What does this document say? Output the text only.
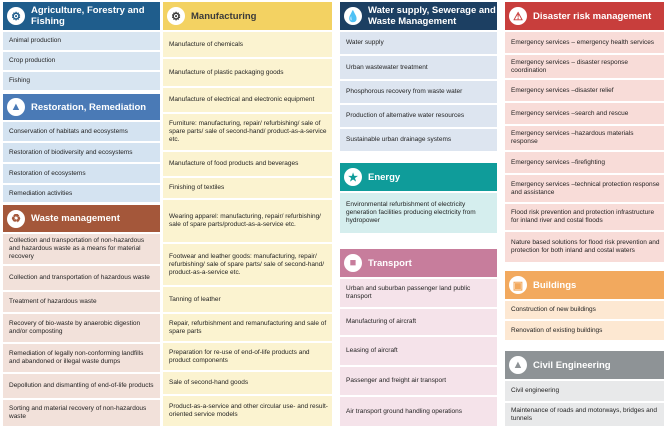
⚙	Agriculture, Forestry and Fishing
Animal production
Crop production
Fishing
▲	Restoration, Remediation
Conservation of habitats and ecosystems
Restoration of biodiversity and ecosystems
Restoration of ecosystems
Remediation activities
♻	Waste management
Collection and transportation of non-hazardous and hazardous waste as a means for material recovery
Collection and transportation of hazardous waste
Treatment of hazardous waste
Recovery of bio-waste by anaerobic digestion and/or composting
Remediation of legally non-conforming landfills and abandoned or illegal waste dumps
Depollution and dismantling of end-of-life products
Sorting and material recovery of non-hazardous waste
⚙	Manufacturing
Manufacture of chemicals
Manufacture of plastic packaging goods
Manufacture of electrical and electronic equipment
Furniture: manufacturing, repair/ refurbishing/ sale of spare parts/ sale of second-hand/ product-as-a-service etc.
Manufacture of food products and beverages
Finishing of textiles
Wearing apparel: manufacturing, repair/ refurbishing/ sale of spare parts/product-as-a-service etc.
Footwear and leather goods: manufacturing, repair/ refurbishing/ sale of spare parts/ sale of second-hand/ product-as-a-service etc.
Tanning of leather
Repair, refurbishment and remanufacturing and sale of spare parts
Preparation for re-use of end-of-life products and product components
Sale of second-hand goods
Product-as-a-service and other circular use- and result-oriented service models
💧 Water supply, Sewerage and Waste Management
Water supply
Urban wastewater treatment
Phosphorous recovery from waste water
Production of alternative water resources
Sustainable urban drainage systems
★	Energy
Environmental refurbishment of electricity generation facilities producing electricity from hydropower
■	Transport
Urban and suburban passenger land public transport
Manufacturing of aircraft
Leasing of aircraft
Passenger and freight air transport
Air transport ground handling operations
⚠	Disaster risk management
Emergency services – emergency health services
Emergency services – disaster response coordination
Emergency services –disaster relief
Emergency services –search and rescue
Emergency services –hazardous materials response
Emergency services –firefighting
Emergency services –technical protection response and assistance
Flood risk prevention and protection infrastructure for inland river and costal floods
Nature based solutions for flood risk prevention and protection for both inland and costal waters
▣	Buildings
Construction of new buildings
Renovation of existing buildings
▲	Civil Engineering
Civil engineering
Maintenance of roads and motorways, bridges and tunnels
